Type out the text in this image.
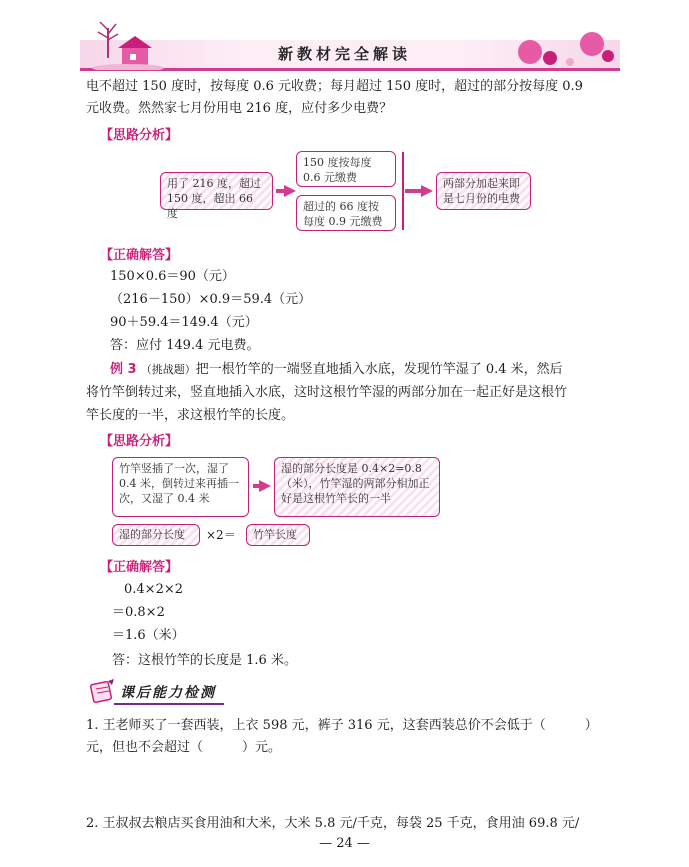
新教材完全解读
电不超过 150 度时，按每度 0.6 元收费；每月超过 150 度时，超过的部分按每度 0.9
元收费。然然家七月份用电 216 度，应付多少电费？
【思路分析】
用了 216 度，超过 150 度，超出 66 度
150 度按每度 0.6 元缴费
超过的 66 度按每度 0.9 元缴费
两部分加起来即是七月份的电费
【正确解答】
150×0.6＝90（元）
（216－150）×0.9＝59.4（元）
90＋59.4＝149.4（元）
答：应付 149.4 元电费。
例 3 （挑战题）把一根竹竿的一端竖直地插入水底，发现竹竿湿了 0.4 米，然后
将竹竿倒转过来，竖直地插入水底，这时这根竹竿湿的两部分加在一起正好是这根竹
竿长度的一半，求这根竹竿的长度。
【思路分析】
竹竿竖插了一次，湿了 0.4 米，倒转过来再插一次，又湿了 0.4 米
湿的部分长度是 0.4×2=0.8（米），竹竿湿的两部分相加正好是这根竹竿长的一半
湿的部分长度	×2＝	竹竿长度
【正确解答】
0.4×2×2
＝0.8×2
＝1.6（米）
答：这根竹竿的长度是 1.6 米。
课后能力检测
1. 王老师买了一套西装，上衣 598 元，裤子 316 元，这套西装总价不会低于（　　　）
元，但也不会超过（　　　）元。
2. 王叔叔去粮店买食用油和大米，大米 5.8 元/千克，每袋 25 千克，食用油 69.8 元/
— 24 —
